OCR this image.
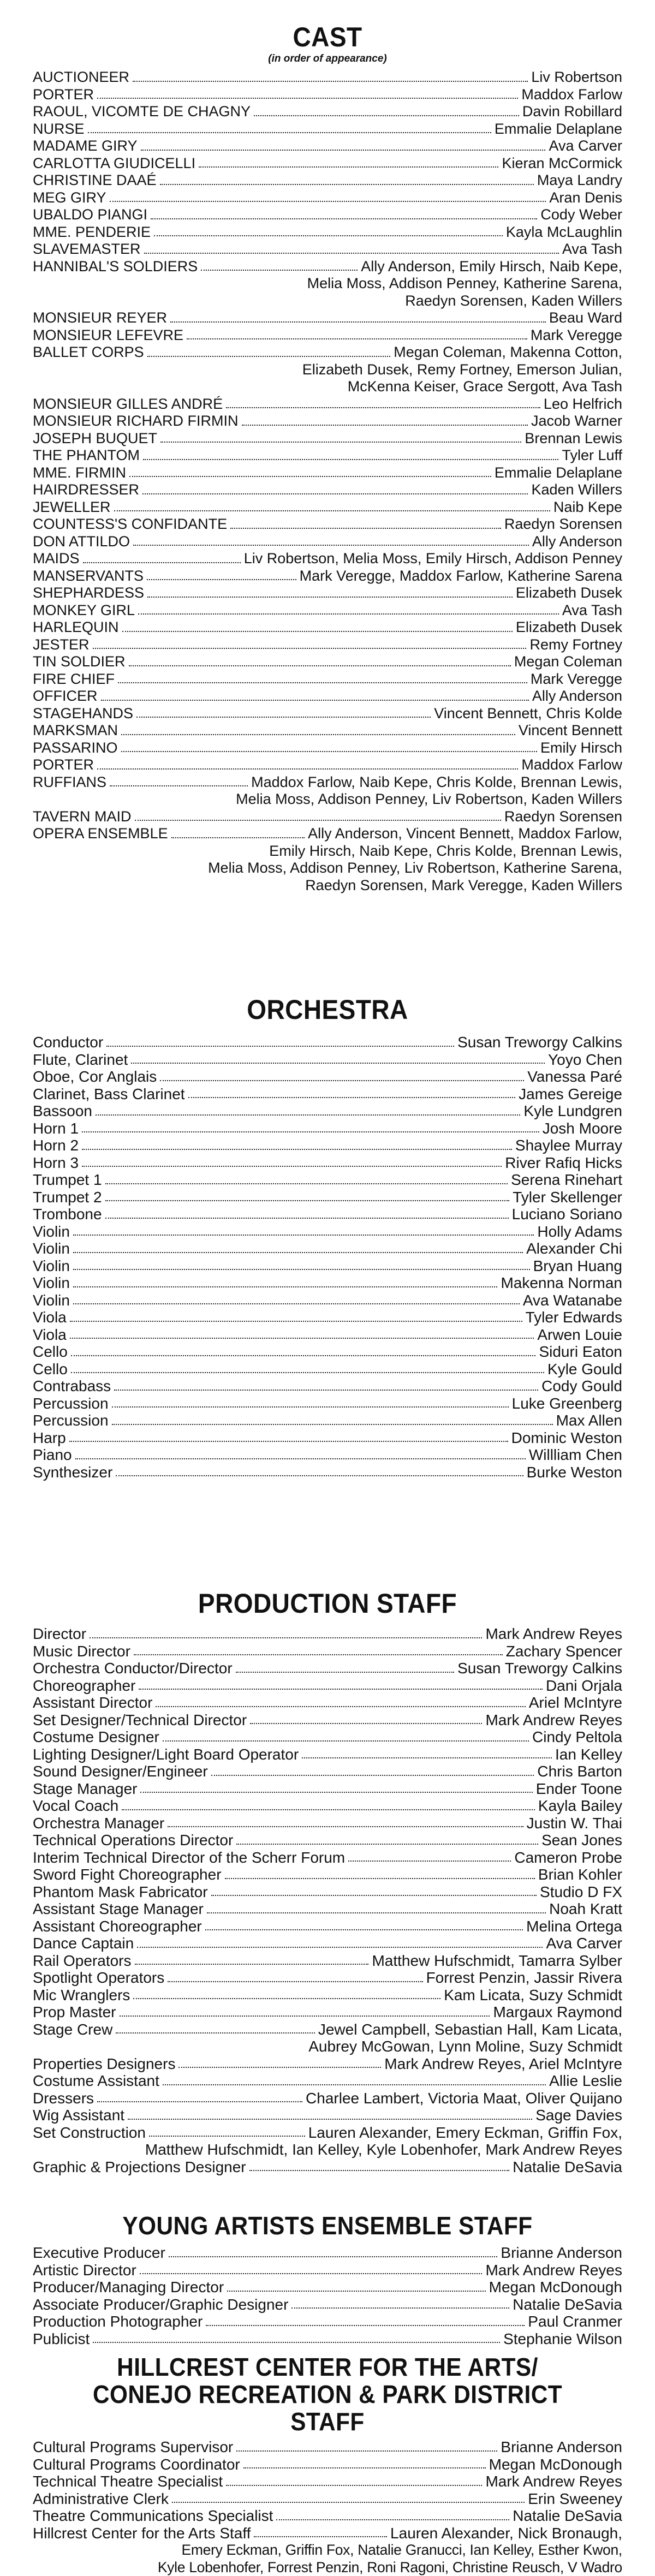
CAST
(in order of appearance)
AUCTIONEER	Liv Robertson
PORTER	Maddox Farlow
RAOUL, VICOMTE DE CHAGNY	Davin Robillard
NURSE	Emmalie Delaplane
MADAME GIRY	Ava Carver
CARLOTTA GIUDICELLI	Kieran McCormick
CHRISTINE DAAÉ	Maya Landry
MEG GIRY	Aran Denis
UBALDO PIANGI	Cody Weber
MME. PENDERIE	Kayla McLaughlin
SLAVEMASTER	Ava Tash
HANNIBAL'S SOLDIERS	Ally Anderson, Emily Hirsch, Naib Kepe,
Melia Moss, Addison Penney, Katherine Sarena,
Raedyn Sorensen, Kaden Willers
MONSIEUR REYER	Beau Ward
MONSIEUR LEFEVRE	Mark Veregge
BALLET CORPS	Megan Coleman, Makenna Cotton,
Elizabeth Dusek, Remy Fortney, Emerson Julian,
McKenna Keiser, Grace Sergott, Ava Tash
MONSIEUR GILLES ANDRÉ	Leo Helfrich
MONSIEUR RICHARD FIRMIN	Jacob Warner
JOSEPH BUQUET	Brennan Lewis
THE PHANTOM	Tyler Luff
MME. FIRMIN	Emmalie Delaplane
HAIRDRESSER	Kaden Willers
JEWELLER	Naib Kepe
COUNTESS'S CONFIDANTE	Raedyn Sorensen
DON ATTILDO	Ally Anderson
MAIDS	Liv Robertson, Melia Moss, Emily Hirsch, Addison Penney
MANSERVANTS	Mark Veregge, Maddox Farlow, Katherine Sarena
SHEPHARDESS	Elizabeth Dusek
MONKEY GIRL	Ava Tash
HARLEQUIN	Elizabeth Dusek
JESTER	Remy Fortney
TIN SOLDIER	Megan Coleman
FIRE CHIEF	Mark Veregge
OFFICER	Ally Anderson
STAGEHANDS	Vincent Bennett, Chris Kolde
MARKSMAN	Vincent Bennett
PASSARINO	Emily Hirsch
PORTER	Maddox Farlow
RUFFIANS	Maddox Farlow, Naib Kepe, Chris Kolde, Brennan Lewis,
Melia Moss, Addison Penney, Liv Robertson, Kaden Willers
TAVERN MAID	Raedyn Sorensen
OPERA ENSEMBLE	Ally Anderson, Vincent Bennett, Maddox Farlow,
Emily Hirsch, Naib Kepe, Chris Kolde, Brennan Lewis,
Melia Moss, Addison Penney, Liv Robertson, Katherine Sarena,
Raedyn Sorensen, Mark Veregge, Kaden Willers
ORCHESTRA
Conductor	Susan Treworgy Calkins
Flute, Clarinet	Yoyo Chen
Oboe, Cor Anglais	Vanessa Paré
Clarinet, Bass Clarinet	James Gereige
Bassoon	Kyle Lundgren
Horn 1	Josh Moore
Horn 2	Shaylee Murray
Horn 3	River Rafiq Hicks
Trumpet 1	Serena Rinehart
Trumpet 2	Tyler Skellenger
Trombone	Luciano Soriano
Violin	Holly Adams
Violin	Alexander Chi
Violin	Bryan Huang
Violin	Makenna Norman
Violin	Ava Watanabe
Viola	Tyler Edwards
Viola	Arwen Louie
Cello	Siduri Eaton
Cello	Kyle Gould
Contrabass	Cody Gould
Percussion	Luke Greenberg
Percussion	Max Allen
Harp	Dominic Weston
Piano	Willliam Chen
Synthesizer	Burke Weston
PRODUCTION STAFF
Director	Mark Andrew Reyes
Music Director	Zachary Spencer
Orchestra Conductor/Director	Susan Treworgy Calkins
Choreographer	Dani Orjala
Assistant Director	Ariel McIntyre
Set Designer/Technical Director	Mark Andrew Reyes
Costume Designer	Cindy Peltola
Lighting Designer/Light Board Operator	Ian Kelley
Sound Designer/Engineer	Chris Barton
Stage Manager	Ender Toone
Vocal Coach	Kayla Bailey
Orchestra Manager	Justin W. Thai
Technical Operations Director	Sean Jones
Interim Technical Director of the Scherr Forum	Cameron Probe
Sword Fight Choreographer	Brian Kohler
Phantom Mask Fabricator	Studio D FX
Assistant Stage Manager	Noah Kratt
Assistant Choreographer	Melina Ortega
Dance Captain	Ava Carver
Rail Operators	Matthew Hufschmidt, Tamarra Sylber
Spotlight Operators	Forrest Penzin, Jassir Rivera
Mic Wranglers	Kam Licata, Suzy Schmidt
Prop Master	Margaux Raymond
Stage Crew	Jewel Campbell, Sebastian Hall, Kam Licata,
Aubrey McGowan, Lynn Moline, Suzy Schmidt
Properties Designers	Mark Andrew Reyes, Ariel McIntyre
Costume Assistant	Allie Leslie
Dressers	Charlee Lambert, Victoria Maat, Oliver Quijano
Wig Assistant	Sage Davies
Set Construction	Lauren Alexander, Emery Eckman, Griffin Fox,
Matthew Hufschmidt, Ian Kelley, Kyle Lobenhofer, Mark Andrew Reyes
Graphic & Projections Designer	Natalie DeSavia
YOUNG ARTISTS ENSEMBLE STAFF
Executive Producer	Brianne Anderson
Artistic Director	Mark Andrew Reyes
Producer/Managing Director	Megan McDonough
Associate Producer/Graphic Designer	Natalie DeSavia
Production Photographer	Paul Cranmer
Publicist	Stephanie Wilson
HILLCREST CENTER FOR THE ARTS/
CONEJO RECREATION & PARK DISTRICT STAFF
Cultural Programs Supervisor	Brianne Anderson
Cultural Programs Coordinator	Megan McDonough
Technical Theatre Specialist	Mark Andrew Reyes
Administrative Clerk	Erin Sweeney
Theatre Communications Specialist	Natalie DeSavia
Hillcrest Center for the Arts Staff	Lauren Alexander, Nick Bronaugh,
Emery Eckman, Griffin Fox, Natalie Granucci, Ian Kelley, Esther Kwon,
Kyle Lobenhofer, Forrest Penzin, Roni Ragoni, Christine Reusch, V Wadro
